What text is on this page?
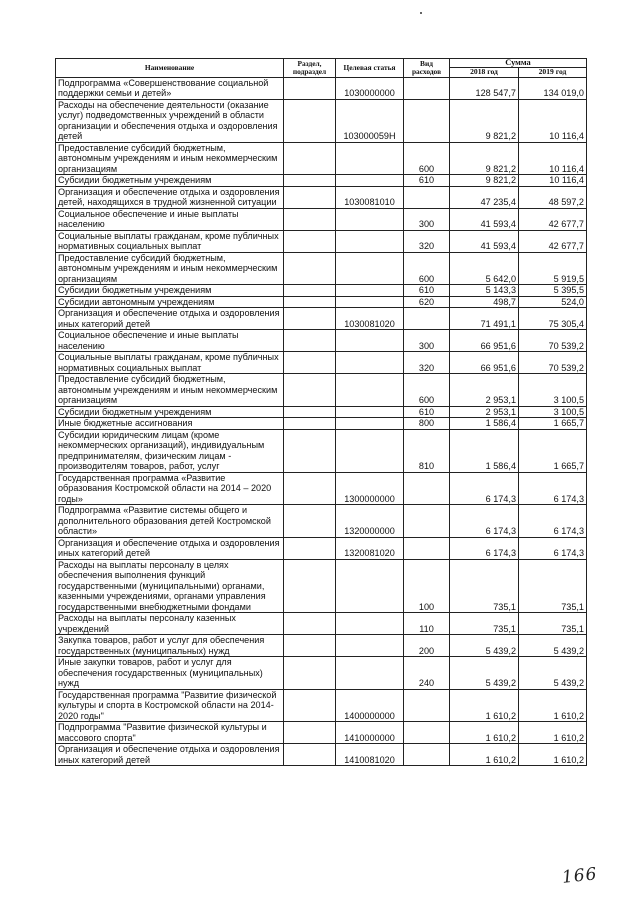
Наименование	Раздел, подраздел	Целевая статья	Вид расходов	Сумма	
				2018 год	2019 год
Подпрограмма «Совершенствование социальной поддержки семьи и детей»		1030000000		128 547,7	134 019,0
Расходы на обеспечение деятельности (оказание услуг) подведомственных учреждений в области организации и обеспечения отдыха и оздоровления детей		103000059Н		9 821,2	10 116,4
Предоставление субсидий бюджетным, автономным учреждениям и иным некоммерческим организациям			600	9 821,2	10 116,4
Субсидии бюджетным учреждениям			610	9 821,2	10 116,4
Организация и обеспечение отдыха и оздоровления детей, находящихся в трудной жизненной ситуации		1030081010		47 235,4	48 597,2
Социальное обеспечение и иные выплаты населению			300	41 593,4	42 677,7
Социальные выплаты гражданам, кроме публичных нормативных социальных выплат			320	41 593,4	42 677,7
Предоставление субсидий бюджетным, автономным учреждениям и иным некоммерческим организациям			600	5 642,0	5 919,5
Субсидии бюджетным учреждениям			610	5 143,3	5 395,5
Субсидии автономным учреждениям			620	498,7	524,0
Организация и обеспечение отдыха и оздоровления иных категорий детей		1030081020		71 491,1	75 305,4
Социальное обеспечение и иные выплаты населению			300	66 951,6	70 539,2
Социальные выплаты гражданам, кроме публичных нормативных социальных выплат			320	66 951,6	70 539,2
Предоставление субсидий бюджетным, автономным учреждениям и иным некоммерческим организациям			600	2 953,1	3 100,5
Субсидии бюджетным учреждениям			610	2 953,1	3 100,5
Иные бюджетные ассигнования			800	1 586,4	1 665,7
Субсидии юридическим лицам (кроме некоммерческих организаций), индивидуальным предпринимателям, физическим лицам - производителям товаров, работ, услуг			810	1 586,4	1 665,7
Государственная программа «Развитие образования Костромской области на 2014 – 2020 годы»		1300000000		6 174,3	6 174,3
Подпрограмма «Развитие системы общего и дополнительного образования детей Костромской области»		1320000000		6 174,3	6 174,3
Организация и обеспечение отдыха и оздоровления иных категорий детей		1320081020		6 174,3	6 174,3
Расходы на выплаты персоналу в целях обеспечения выполнения функций государственными (муниципальными) органами, казенными учреждениями, органами управления государственными внебюджетными фондами			100	735,1	735,1
Расходы на выплаты персоналу казенных учреждений			110	735,1	735,1
Закупка товаров, работ и услуг для обеспечения государственных (муниципальных) нужд			200	5 439,2	5 439,2
Иные закупки товаров, работ и услуг для обеспечения государственных (муниципальных) нужд			240	5 439,2	5 439,2
Государственная программа "Развитие физической культуры и спорта в Костромской области на 2014-2020 годы"		1400000000		1 610,2	1 610,2
Подпрограмма "Развитие физической культуры и массового спорта"		1410000000		1 610,2	1 610,2
Организация и обеспечение отдыха и оздоровления иных категорий детей		1410081020		1 610,2	1 610,2
166
